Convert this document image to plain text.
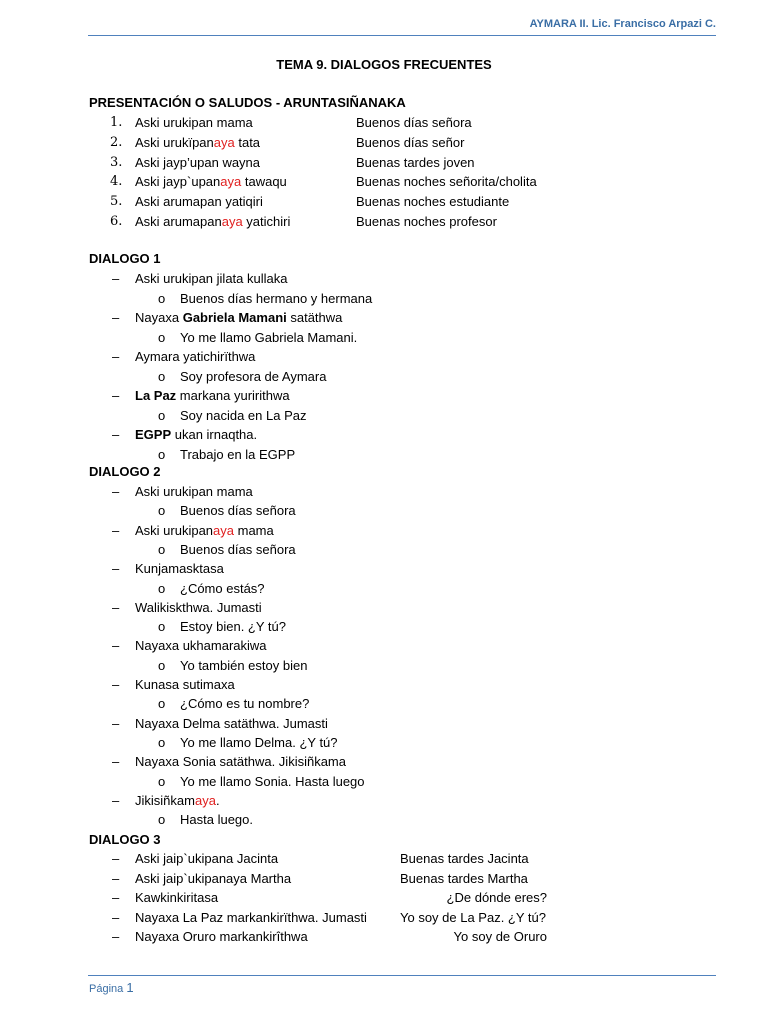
AYMARA II. Lic. Francisco Arpazi C.
TEMA 9. DIALOGOS FRECUENTES
PRESENTACIÓN O SALUDOS - ARUNTASIÑANAKA
1. Aski urukipan mama	Buenos días señora
2. Aski urukïpanaya tata	Buenos días señor
3. Aski jayp’upan wayna	Buenas tardes joven
4. Aski jayp`upanaya tawaqu	Buenas noches señorita/cholita
5. Aski arumapan yatiqiri	Buenas noches estudiante
6. Aski arumapanaya yatichiri	Buenas noches profesor
DIALOGO 1
– Aski urukipan jilata kullaka
o Buenos días hermano y hermana
– Nayaxa Gabriela Mamani satäthwa
o Yo me llamo Gabriela Mamani.
– Aymara yatichirïthwa
o Soy profesora de Aymara
– La Paz markana yuririthwa
o Soy nacida en La Paz
– EGPP ukan irnaqtha.
o Trabajo en la EGPP
DIALOGO 2
– Aski urukipan mama
o Buenos días señora
– Aski urukipanaya mama
o Buenos días señora
– Kunjamasktasa
o ¿Cómo estás?
– Walikiskthwa. Jumasti
o Estoy bien. ¿Y tú?
– Nayaxa ukhamarakiwa
o Yo también estoy bien
– Kunasa sutimaxa
o ¿Cómo es tu nombre?
– Nayaxa Delma satäthwa. Jumasti
o Yo me llamo Delma. ¿Y tú?
– Nayaxa Sonia satäthwa. Jikisiñkama
o Yo me llamo Sonia. Hasta luego
– Jikisiñkamaya.
o Hasta luego.
DIALOGO 3
– Aski jaip`ukipana Jacinta	Buenas tardes Jacinta
– Aski jaip`ukipanaya Martha	Buenas tardes Martha
– Kawkinkiritasa	¿De dónde eres?
– Nayaxa La Paz markankirïthwa. Jumasti	Yo soy de La Paz. ¿Y tú?
– Nayaxa Oruro markankirîthwa	Yo soy de Oruro
Página 1
